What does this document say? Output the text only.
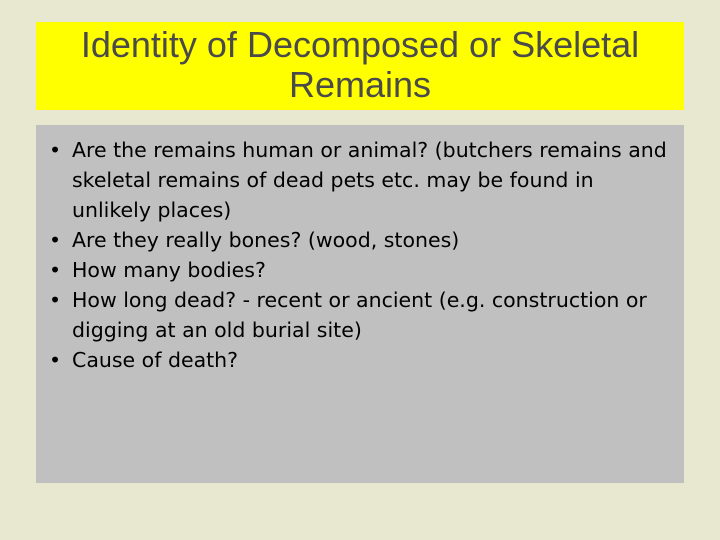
Identity of Decomposed or Skeletal Remains
• Are the remains human or animal? (butchers remains and skeletal remains of dead pets etc. may be found in unlikely places)
• Are they really bones? (wood, stones)
• How many bodies?
• How long dead? - recent or ancient (e.g. construction or digging at an old burial site)
• Cause of death?
